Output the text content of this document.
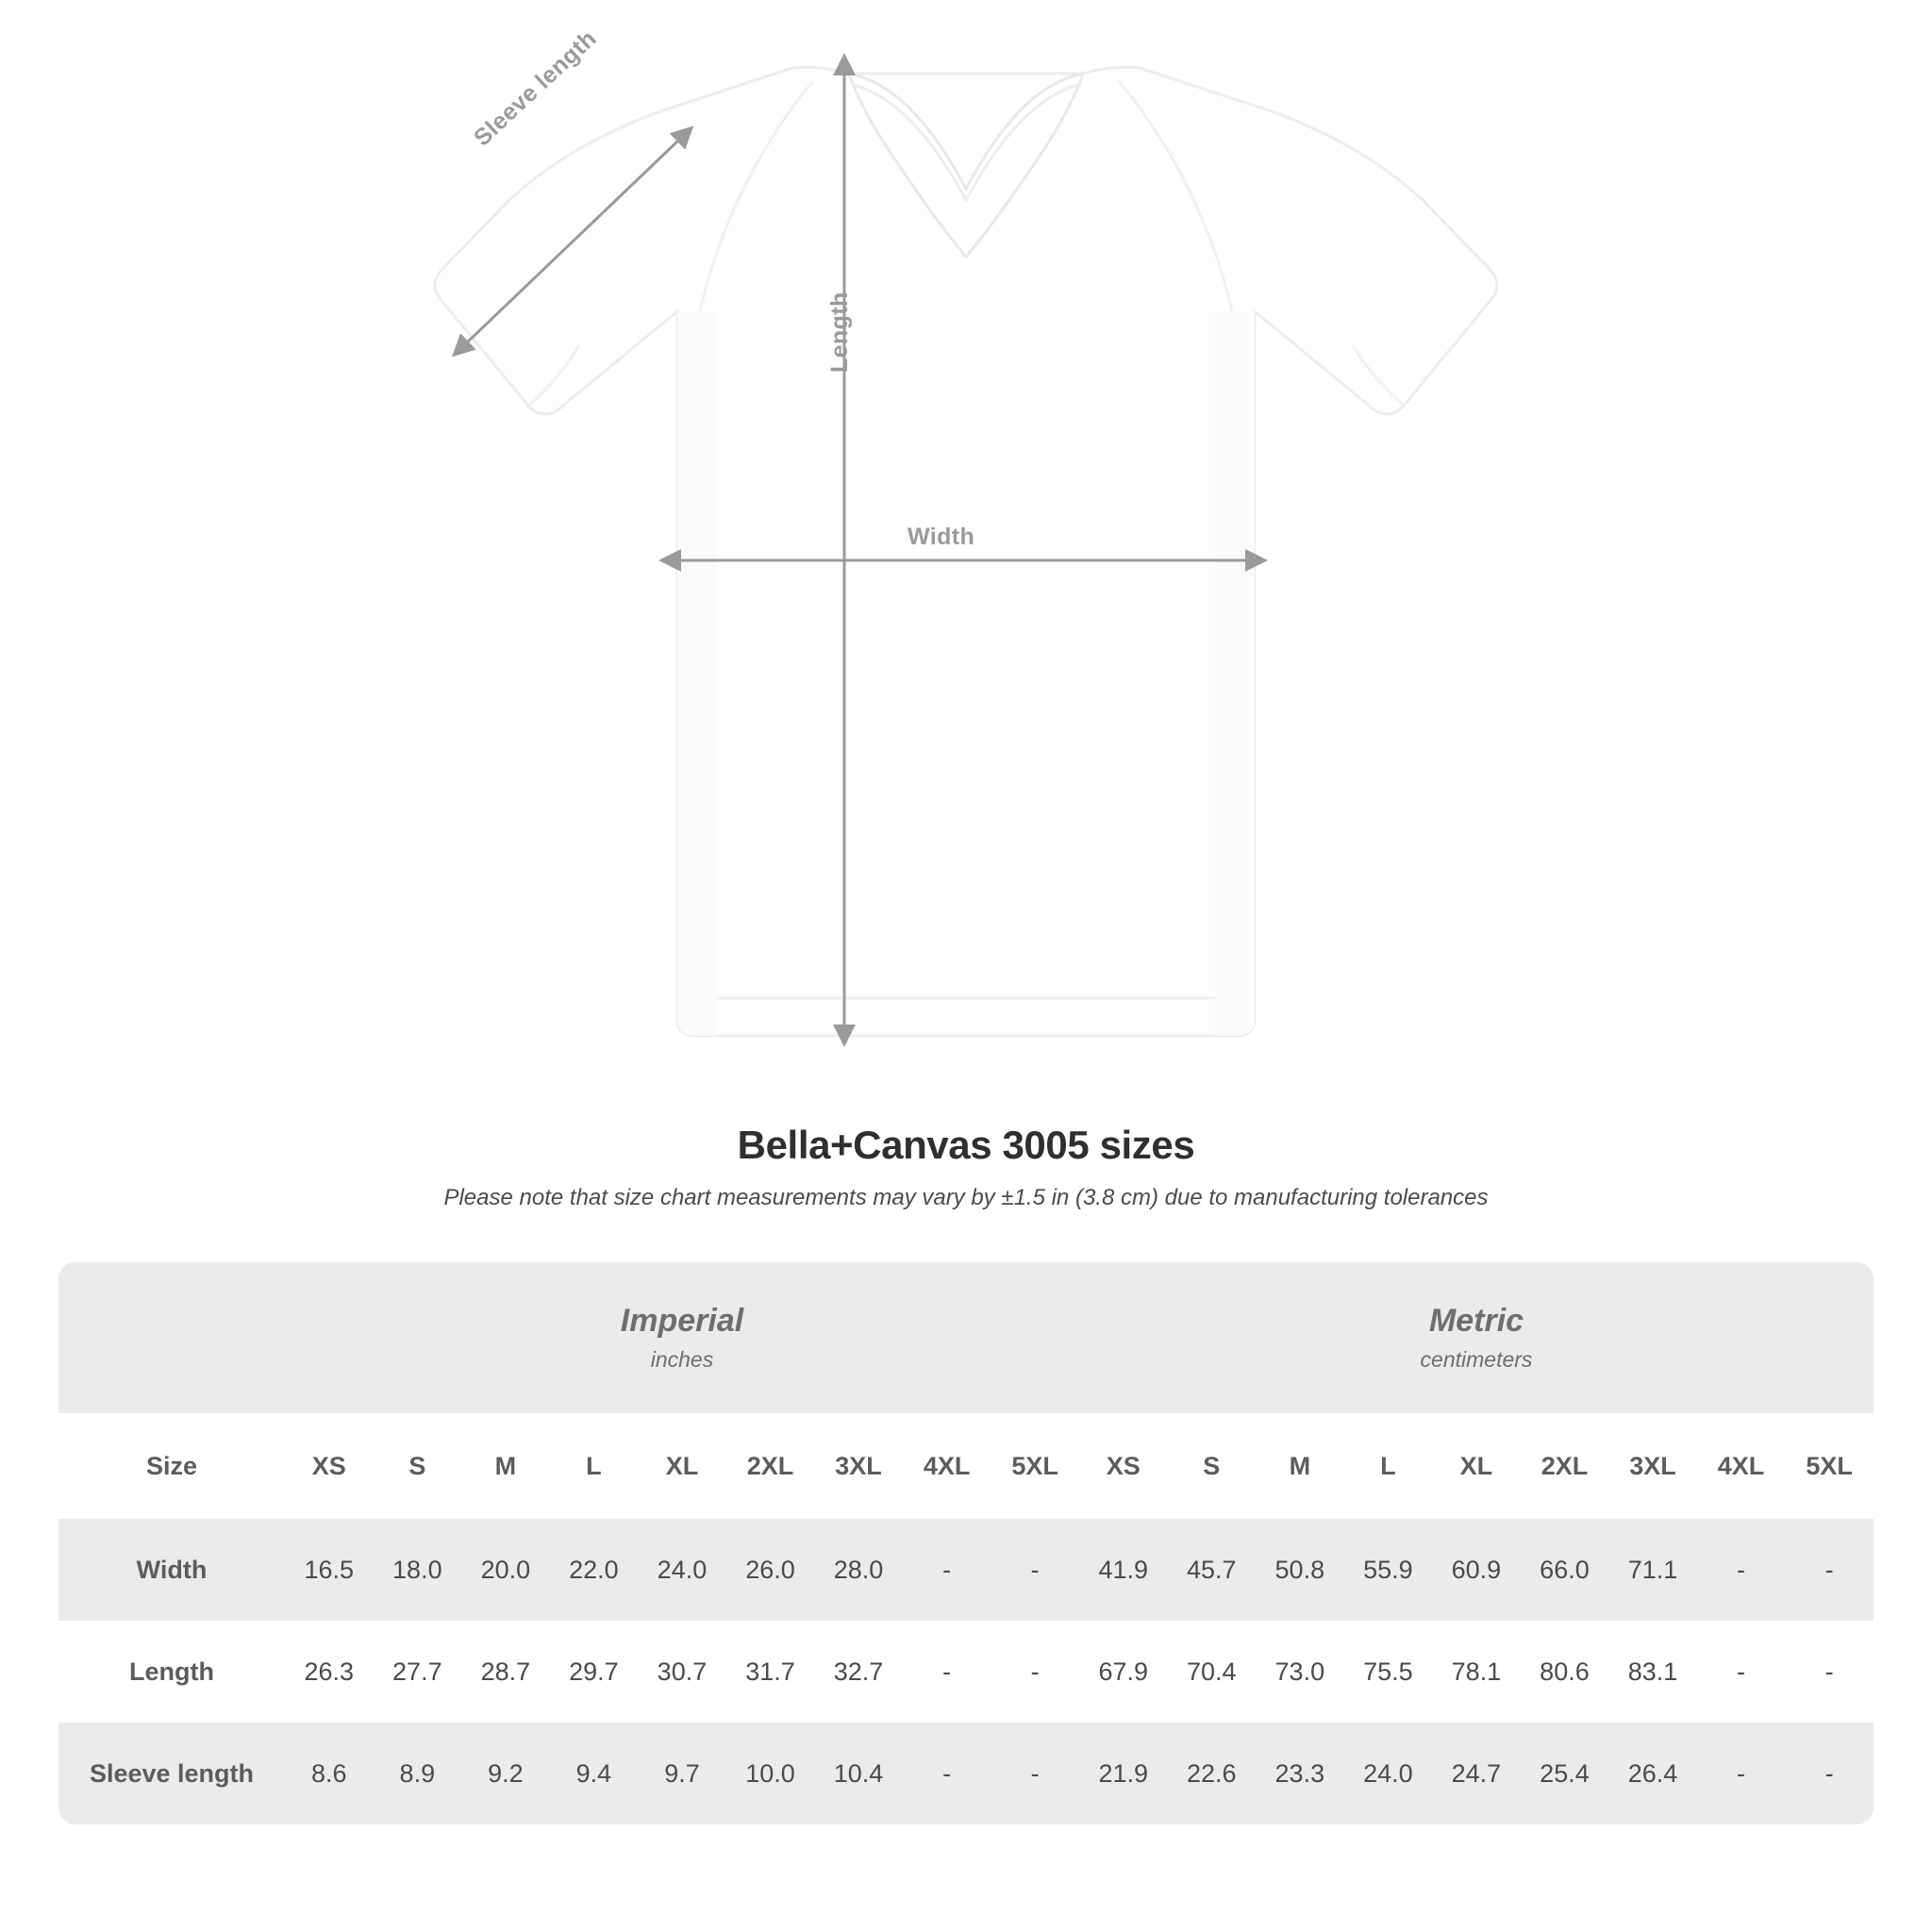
Width
Length
Sleeve length
Bella+Canvas 3005 sizes

Please note that size chart measurements may vary by ±1.5 in (3.8 cm) due to manufacturing tolerances

	Imperial
inches									Metric
centimeters								

Size	XS	S	M	L	XL	2XL	3XL	4XL	5XL	XS	S	M	L	XL	2XL	3XL	4XL	5XL
Width	16.5	18.0	20.0	22.0	24.0	26.0	28.0	-	-	41.9	45.7	50.8	55.9	60.9	66.0	71.1	-	-
Length	26.3	27.7	28.7	29.7	30.7	31.7	32.7	-	-	67.9	70.4	73.0	75.5	78.1	80.6	83.1	-	-
Sleeve length	8.6	8.9	9.2	9.4	9.7	10.0	10.4	-	-	21.9	22.6	23.3	24.0	24.7	25.4	26.4	-	-
